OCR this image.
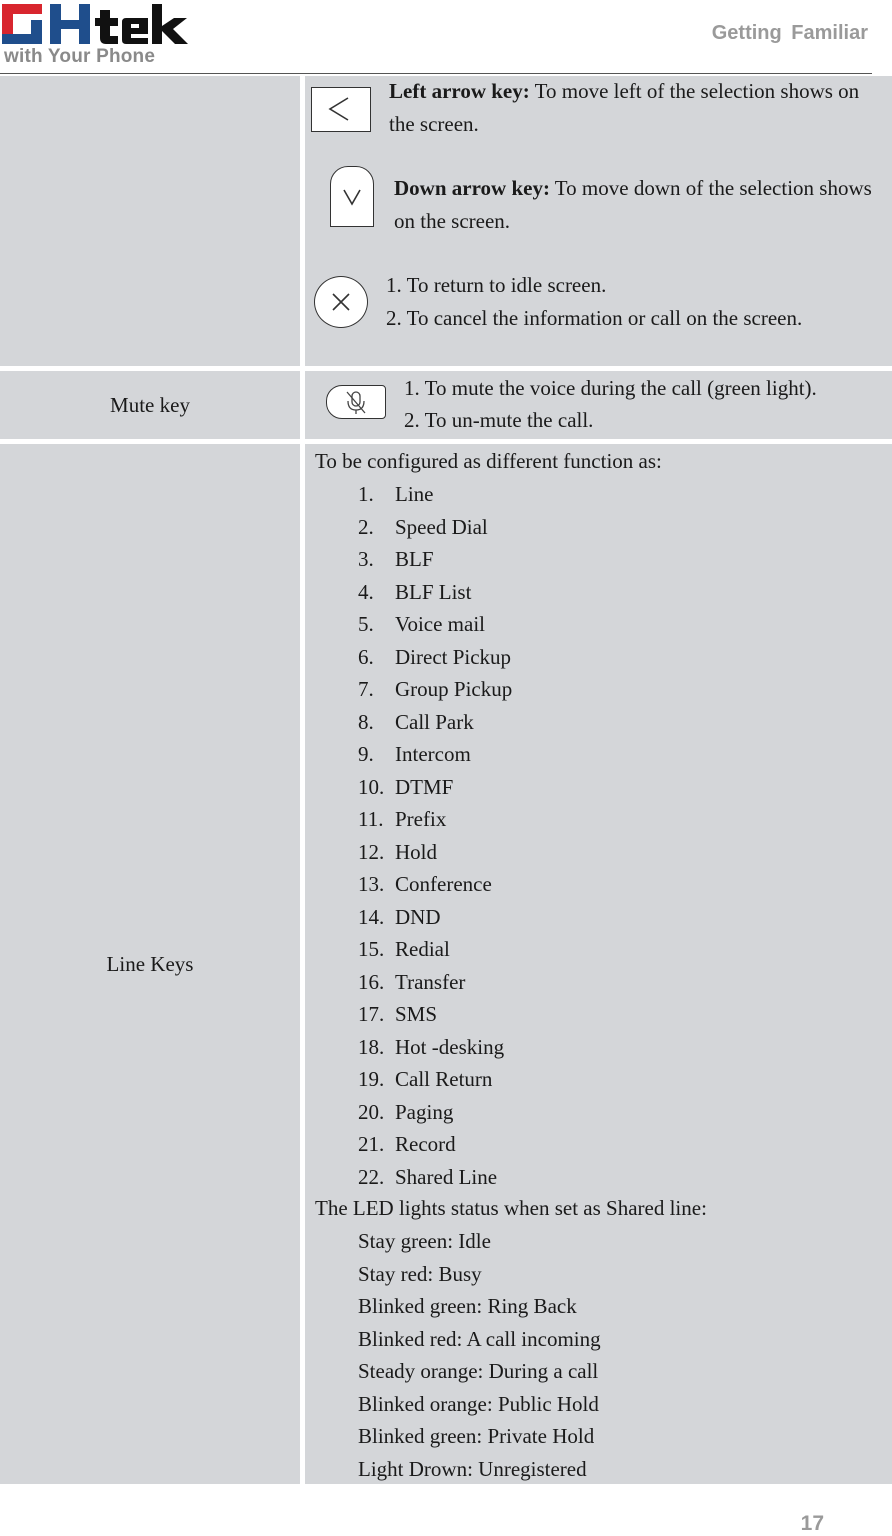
with Your Phone
Getting Familiar
Left arrow key: To move left of the selection shows on
the screen.
Down arrow key: To move down of the selection shows
on the screen.
1. To return to idle screen.
2. To cancel the information or call on the screen.
Mute key
1. To mute the voice during the call (green light).
2. To un-mute the call.
Line Keys
To be configured as different function as:
1. Line
2. Speed Dial
3. BLF
4. BLF List
5. Voice mail
6. Direct Pickup
7. Group Pickup
8. Call Park
9. Intercom
10. DTMF
11. Prefix
12. Hold
13. Conference
14. DND
15. Redial
16. Transfer
17. SMS
18. Hot -desking
19. Call Return
20. Paging
21. Record
22. Shared Line
The LED lights status when set as Shared line:
Stay green: Idle
Stay red: Busy
Blinked green: Ring Back
Blinked red: A call incoming
Steady orange: During a call
Blinked orange: Public Hold
Blinked green: Private Hold
Light Drown: Unregistered
17
